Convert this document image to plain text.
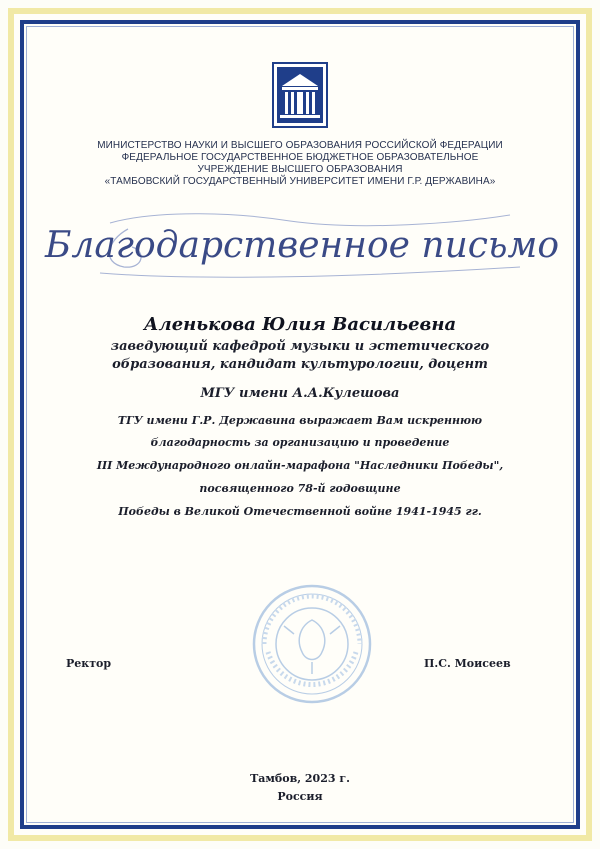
МИНИСТЕРСТВО НАУКИ И ВЫСШЕГО ОБРАЗОВАНИЯ РОССИЙСКОЙ ФЕДЕРАЦИИ
ФЕДЕРАЛЬНОЕ ГОСУДАРСТВЕННОЕ БЮДЖЕТНОЕ ОБРАЗОВАТЕЛЬНОЕ
УЧРЕЖДЕНИЕ ВЫСШЕГО ОБРАЗОВАНИЯ
«ТАМБОВСКИЙ ГОСУДАРСТВЕННЫЙ УНИВЕРСИТЕТ ИМЕНИ Г.Р. ДЕРЖАВИНА»
Благодарственное письмо
Аленькова Юлия Васильевна
заведующий кафедрой музыки и эстетического
образования, кандидат культурологии, доцент
МГУ имени А.А.Кулешова
ТГУ имени Г.Р. Державина выражает Вам искреннюю
благодарность за организацию и проведение
III Международного онлайн-марафона "Наследники Победы",
посвященного 78-й годовщине
Победы в Великой Отечественной войне 1941-1945 гг.
Ректор	П.С. Моисеев
Тамбов, 2023 г.
Россия
